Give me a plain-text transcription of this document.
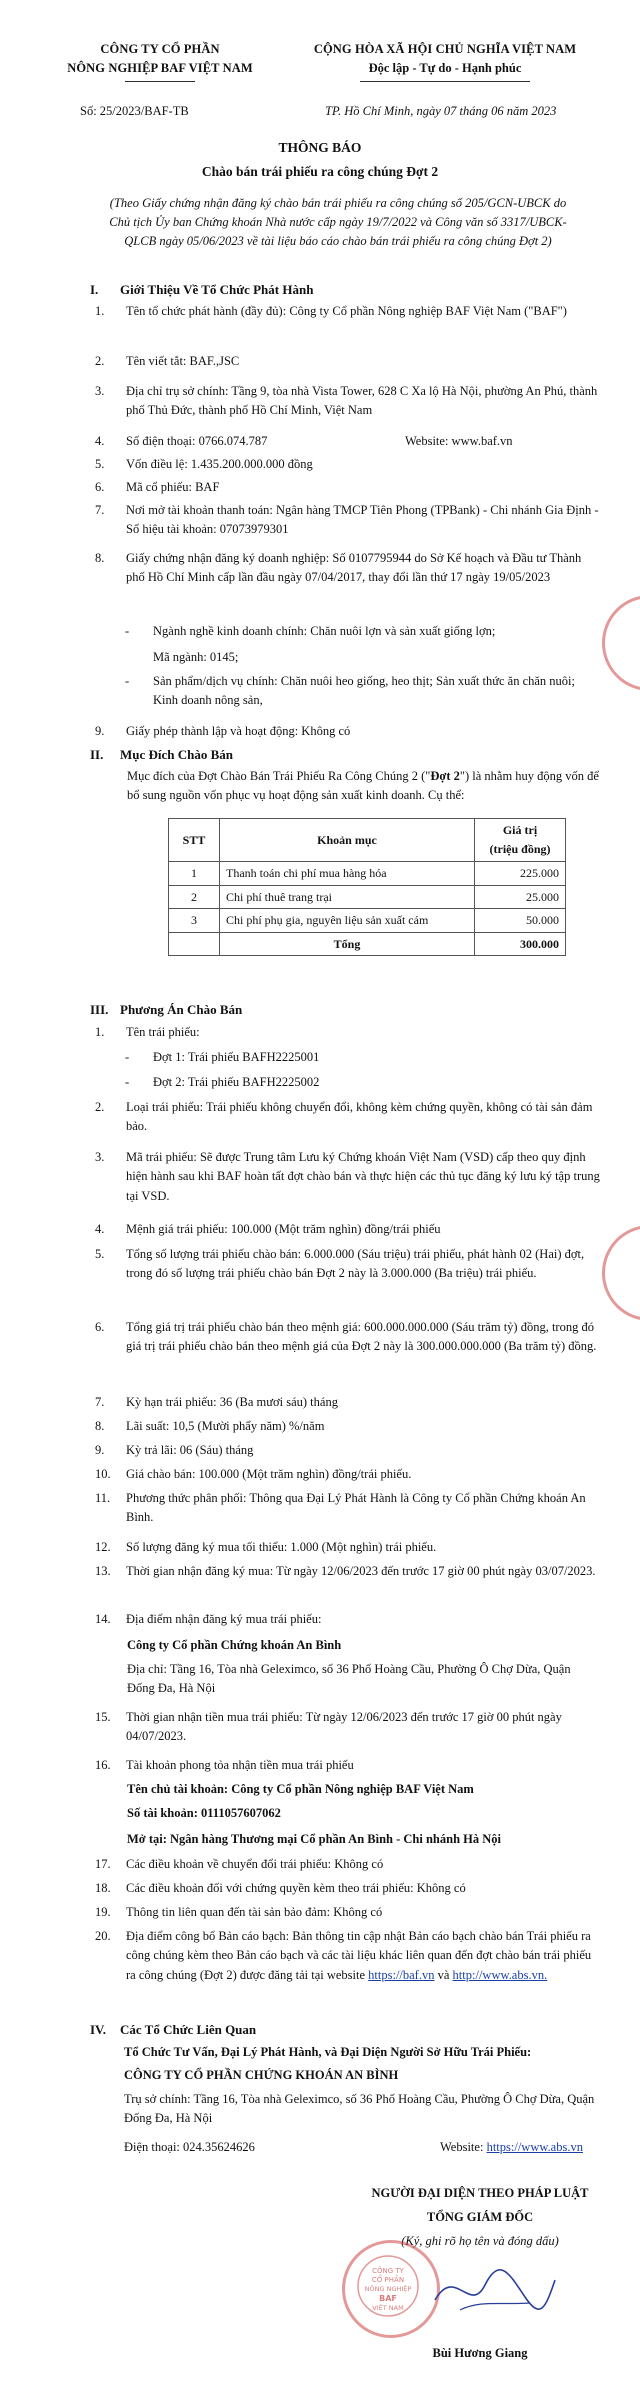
CÔNG TY CỔ PHẦN
NÔNG NGHIỆP BAF VIỆT NAM
CỘNG HÒA XÃ HỘI CHỦ NGHĨA VIỆT NAM
Độc lập - Tự do - Hạnh phúc
Số: 25/2023/BAF-TB	TP. Hồ Chí Minh, ngày 07 tháng 06 năm 2023
THÔNG BÁO
Chào bán trái phiếu ra công chúng Đợt 2
(Theo Giấy chứng nhận đăng ký chào bán trái phiếu ra công chúng số 205/GCN-UBCK do Chủ tịch Ủy ban Chứng khoán Nhà nước cấp ngày 19/7/2022 và Công văn số 3317/UBCK-QLCB ngày 05/06/2023 về tài liệu báo cáo chào bán trái phiếu ra công chúng Đợt 2)
I. Giới Thiệu Về Tổ Chức Phát Hành
1.	Tên tổ chức phát hành (đầy đủ): Công ty Cổ phần Nông nghiệp BAF Việt Nam ("BAF")
2.	Tên viết tắt: BAF.,JSC
3.	Địa chỉ trụ sở chính: Tầng 9, tòa nhà Vista Tower, 628 C Xa lộ Hà Nội, phường An Phú, thành phố Thủ Đức, thành phố Hồ Chí Minh, Việt Nam
4.	Số điện thoại: 0766.074.787	Website: www.baf.vn
5.	Vốn điều lệ: 1.435.200.000.000 đồng
6.	Mã cổ phiếu: BAF
7.	Nơi mở tài khoản thanh toán: Ngân hàng TMCP Tiên Phong (TPBank) - Chi nhánh Gia Định - Số hiệu tài khoản: 07073979301
8.	Giấy chứng nhận đăng ký doanh nghiệp: Số 0107795944 do Sở Kế hoạch và Đầu tư Thành phố Hồ Chí Minh cấp lần đầu ngày 07/04/2017, thay đổi lần thứ 17 ngày 19/05/2023
- Ngành nghề kinh doanh chính: Chăn nuôi lợn và sản xuất giống lợn;
Mã ngành: 0145;
- Sản phẩm/dịch vụ chính: Chăn nuôi heo giống, heo thịt; Sản xuất thức ăn chăn nuôi; Kinh doanh nông sản,
9.	Giấy phép thành lập và hoạt động: Không có
II. Mục Đích Chào Bán
Mục đích của Đợt Chào Bán Trái Phiếu Ra Công Chúng 2 ("Đợt 2") là nhằm huy động vốn để bổ sung nguồn vốn phục vụ hoạt động sản xuất kinh doanh. Cụ thể:
STT	Khoản mục	Giá trị
(triệu đồng)

1	Thanh toán chi phí mua hàng hóa	225.000
2	Chi phí thuê trang trại	25.000
3	Chi phí phụ gia, nguyên liệu sản xuất cám	50.000
	Tổng	300.000
III. Phương Án Chào Bán
1.	Tên trái phiếu:
- Đợt 1: Trái phiếu BAFH2225001
- Đợt 2: Trái phiếu BAFH2225002
2.	Loại trái phiếu: Trái phiếu không chuyển đổi, không kèm chứng quyền, không có tài sản đảm bảo.
3.	Mã trái phiếu: Sẽ được Trung tâm Lưu ký Chứng khoán Việt Nam (VSD) cấp theo quy định hiện hành sau khi BAF hoàn tất đợt chào bán và thực hiện các thủ tục đăng ký lưu ký tập trung tại VSD.
4.	Mệnh giá trái phiếu: 100.000 (Một trăm nghìn) đồng/trái phiếu
5.	Tổng số lượng trái phiếu chào bán: 6.000.000 (Sáu triệu) trái phiếu, phát hành 02 (Hai) đợt, trong đó số lượng trái phiếu chào bán Đợt 2 này là 3.000.000 (Ba triệu) trái phiếu.
6.	Tổng giá trị trái phiếu chào bán theo mệnh giá: 600.000.000.000 (Sáu trăm tỷ) đồng, trong đó giá trị trái phiếu chào bán theo mệnh giá của Đợt 2 này là 300.000.000.000 (Ba trăm tỷ) đồng.
7.	Kỳ hạn trái phiếu: 36 (Ba mươi sáu) tháng
8.	Lãi suất: 10,5 (Mười phẩy năm) %/năm
9.	Kỳ trả lãi: 06 (Sáu) tháng
10.	Giá chào bán: 100.000 (Một trăm nghìn) đồng/trái phiếu.
11.	Phương thức phân phối: Thông qua Đại Lý Phát Hành là Công ty Cổ phần Chứng khoán An Bình.
12.	Số lượng đăng ký mua tối thiểu: 1.000 (Một nghìn) trái phiếu.
13.	Thời gian nhận đăng ký mua: Từ ngày 12/06/2023 đến trước 17 giờ 00 phút ngày 03/07/2023.
14.	Địa điểm nhận đăng ký mua trái phiếu:
Công ty Cổ phần Chứng khoán An Bình
Địa chỉ: Tầng 16, Tòa nhà Geleximco, số 36 Phố Hoàng Cầu, Phường Ô Chợ Dừa, Quận Đống Đa, Hà Nội
15.	Thời gian nhận tiền mua trái phiếu: Từ ngày 12/06/2023 đến trước 17 giờ 00 phút ngày 04/07/2023.
16.	Tài khoản phong tỏa nhận tiền mua trái phiếu
Tên chủ tài khoản: Công ty Cổ phần Nông nghiệp BAF Việt Nam
Số tài khoản: 0111057607062
Mở tại: Ngân hàng Thương mại Cổ phần An Bình - Chi nhánh Hà Nội
17.	Các điều khoản về chuyển đổi trái phiếu: Không có
18.	Các điều khoản đối với chứng quyền kèm theo trái phiếu: Không có
19.	Thông tin liên quan đến tài sản bảo đảm: Không có
20.	Địa điểm công bố Bản cáo bạch: Bản thông tin cập nhật Bản cáo bạch chào bán Trái phiếu ra công chúng kèm theo Bản cáo bạch và các tài liệu khác liên quan đến đợt chào bán trái phiếu ra công chúng (Đợt 2) được đăng tải tại website https://baf.vn và http://www.abs.vn.
IV. Các Tổ Chức Liên Quan
Tổ Chức Tư Vấn, Đại Lý Phát Hành, và Đại Diện Người Sở Hữu Trái Phiếu:
CÔNG TY CỔ PHẦN CHỨNG KHOÁN AN BÌNH
Trụ sở chính: Tầng 16, Tòa nhà Geleximco, số 36 Phố Hoàng Cầu, Phường Ô Chợ Dừa, Quận Đống Đa, Hà Nội
Điện thoại: 024.35624626	Website: https://www.abs.vn
NGƯỜI ĐẠI DIỆN THEO PHÁP LUẬT
TỔNG GIÁM ĐỐC
(Ký, ghi rõ họ tên và đóng dấu)
Bùi Hương Giang
CÔNG TY
CỔ PHẦN
NÔNG NGHIỆP
BAF
VIỆT NAM
